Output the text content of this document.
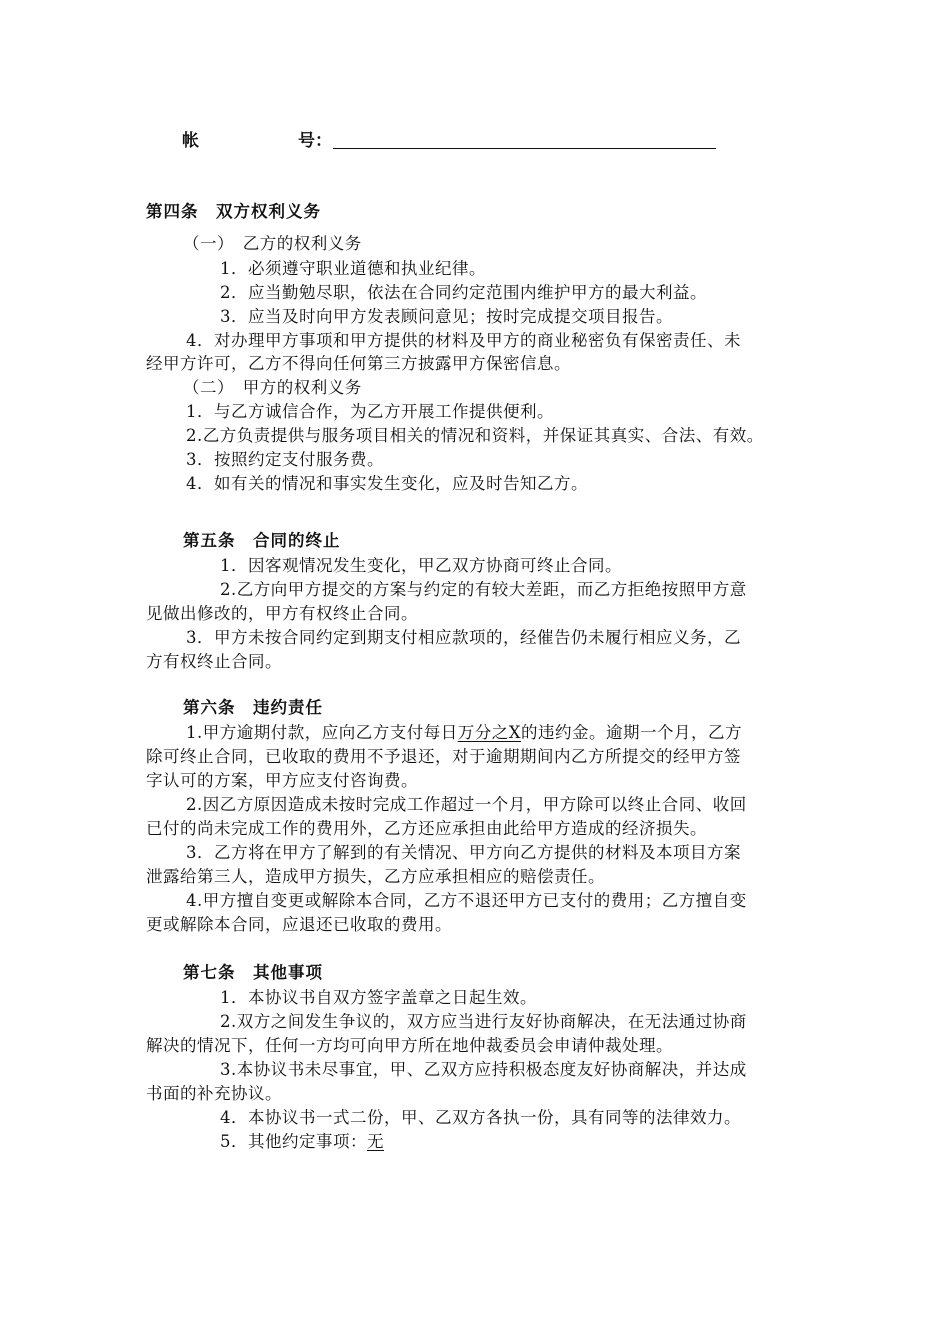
帐	号：
第四条　双方权利义务
（一）　乙方的权利义务
1．必须遵守职业道德和执业纪律。
2．应当勤勉尽职，依法在合同约定范围内维护甲方的最大利益。
3．应当及时向甲方发表顾问意见；按时完成提交项目报告。
4．对办理甲方事项和甲方提供的材料及甲方的商业秘密负有保密责任、未
经甲方许可，乙方不得向任何第三方披露甲方保密信息。
（二）　甲方的权利义务
1．与乙方诚信合作，为乙方开展工作提供便利。
2.乙方负责提供与服务项目相关的情况和资料，并保证其真实、合法、有效。
3．按照约定支付服务费。
4．如有关的情况和事实发生变化，应及时告知乙方。
第五条　合同的终止
1．因客观情况发生变化，甲乙双方协商可终止合同。
2.乙方向甲方提交的方案与约定的有较大差距，而乙方拒绝按照甲方意
见做出修改的，甲方有权终止合同。
3．甲方未按合同约定到期支付相应款项的，经催告仍未履行相应义务，乙
方有权终止合同。
第六条　违约责任
1.甲方逾期付款，应向乙方支付每日万分之X的违约金。逾期一个月，乙方
除可终止合同，已收取的费用不予退还，对于逾期期间内乙方所提交的经甲方签
字认可的方案，甲方应支付咨询费。
2.因乙方原因造成未按时完成工作超过一个月，甲方除可以终止合同、收回
已付的尚未完成工作的费用外，乙方还应承担由此给甲方造成的经济损失。
3．乙方将在甲方了解到的有关情况、甲方向乙方提供的材料及本项目方案
泄露给第三人，造成甲方损失，乙方应承担相应的赔偿责任。
4.甲方擅自变更或解除本合同，乙方不退还甲方已支付的费用；乙方擅自变
更或解除本合同，应退还已收取的费用。
第七条　其他事项
1．本协议书自双方签字盖章之日起生效。
2.双方之间发生争议的，双方应当进行友好协商解决，在无法通过协商
解决的情况下，任何一方均可向甲方所在地仲裁委员会申请仲裁处理。
3.本协议书未尽事宜，甲、乙双方应持积极态度友好协商解决，并达成
书面的补充协议。
4．本协议书一式二份，甲、乙双方各执一份，具有同等的法律效力。
5．其他约定事项：无
